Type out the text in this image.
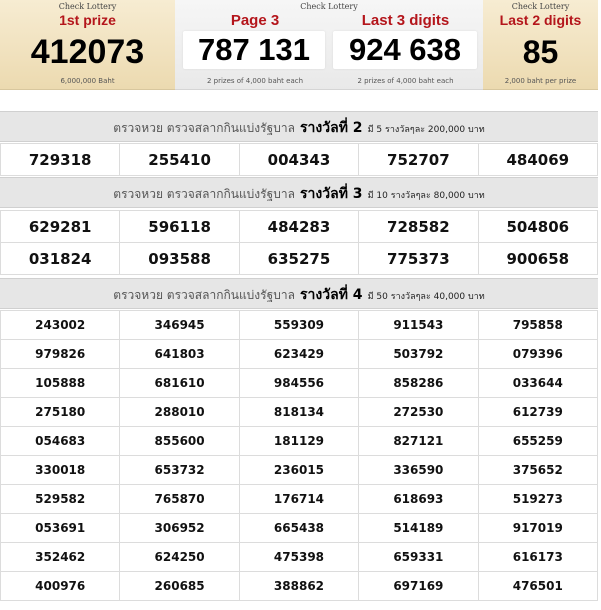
Check Lottery
1st prize
412073
6,000,000 Baht
Check Lottery
Page 3	Last 3 digits
787 131	924 638
2 prizes of 4,000 baht each	2 prizes of 4,000 baht each
Check Lottery
Last 2 digits
85
2,000 baht per prize
ตรวจหวย ตรวจสลากกินแบ่งรัฐบาล รางวัลที่ 2 มี 5 รางวัลๆละ 200,000 บาท
729318	255410	004343	752707	484069
ตรวจหวย ตรวจสลากกินแบ่งรัฐบาล รางวัลที่ 3 มี 10 รางวัลๆละ 80,000 บาท
629281	596118	484283	728582	504806
031824	093588	635275	775373	900658
ตรวจหวย ตรวจสลากกินแบ่งรัฐบาล รางวัลที่ 4 มี 50 รางวัลๆละ 40,000 บาท
243002	346945	559309	911543	795858
979826	641803	623429	503792	079396
105888	681610	984556	858286	033644
275180	288010	818134	272530	612739
054683	855600	181129	827121	655259
330018	653732	236015	336590	375652
529582	765870	176714	618693	519273
053691	306952	665438	514189	917019
352462	624250	475398	659331	616173
400976	260685	388862	697169	476501
